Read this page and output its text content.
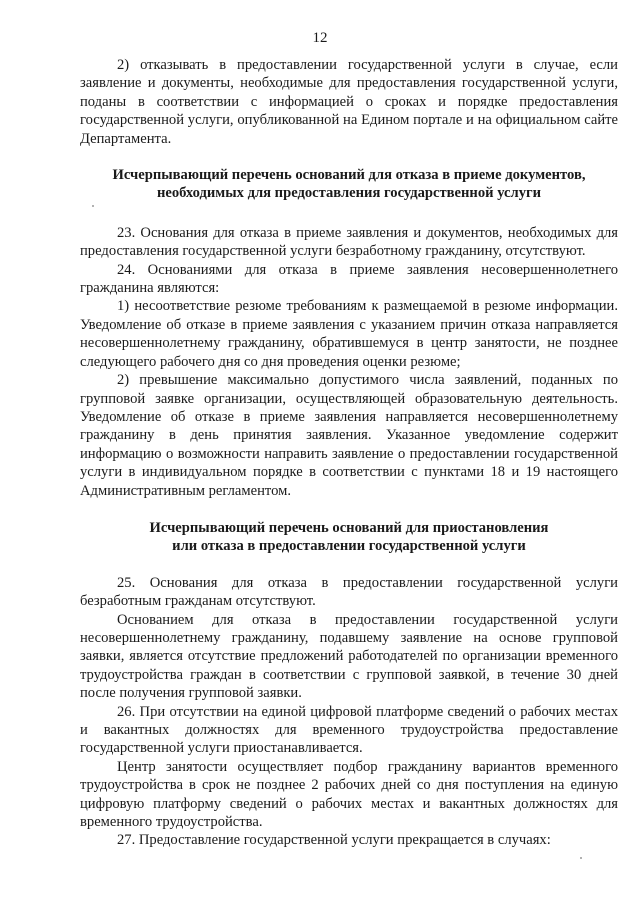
12

2) отказывать в предоставлении государственной услуги в случае, если заявление и документы, необходимые для предоставления государственной услуги, поданы в соответствии с информацией о сроках и порядке предоставления государственной услуги, опубликованной на Едином портале и на официальном сайте Департамента.

Исчерпывающий перечень оснований для отказа в приеме документов,
необходимых для предоставления государственной услуги

23. Основания для отказа в приеме заявления и документов, необходимых для предоставления государственной услуги безработному гражданину, отсутствуют.

24. Основаниями для отказа в приеме заявления несовершеннолетнего гражданина являются:

1) несоответствие резюме требованиям к размещаемой в резюме информации. Уведомление об отказе в приеме заявления с указанием причин отказа направляется несовершеннолетнему гражданину, обратившемуся в центр занятости, не позднее следующего рабочего дня со дня проведения оценки резюме;

2) превышение максимально допустимого числа заявлений, поданных по групповой заявке организации, осуществляющей образовательную деятельность. Уведомление об отказе в приеме заявления направляется несовершеннолетнему гражданину в день принятия заявления. Указанное уведомление содержит информацию о возможности направить заявление о предоставлении государственной услуги в индивидуальном порядке в соответствии с пунктами 18 и 19 настоящего Административным регламентом.

Исчерпывающий перечень оснований для приостановления
или отказа в предоставлении государственной услуги

25. Основания для отказа в предоставлении государственной услуги безработным гражданам отсутствуют.

Основанием для отказа в предоставлении государственной услуги несовершеннолетнему гражданину, подавшему заявление на основе групповой заявки, является отсутствие предложений работодателей по организации временного трудоустройства граждан в соответствии с групповой заявкой, в течение 30 дней после получения групповой заявки.

26. При отсутствии на единой цифровой платформе сведений о рабочих местах и вакантных должностях для временного трудоустройства предоставление государственной услуги приостанавливается.

Центр занятости осуществляет подбор гражданину вариантов временного трудоустройства в срок не позднее 2 рабочих дней со дня поступления на единую цифровую платформу сведений о рабочих местах и вакантных должностях для временного трудоустройства.

27. Предоставление государственной услуги прекращается в случаях:
